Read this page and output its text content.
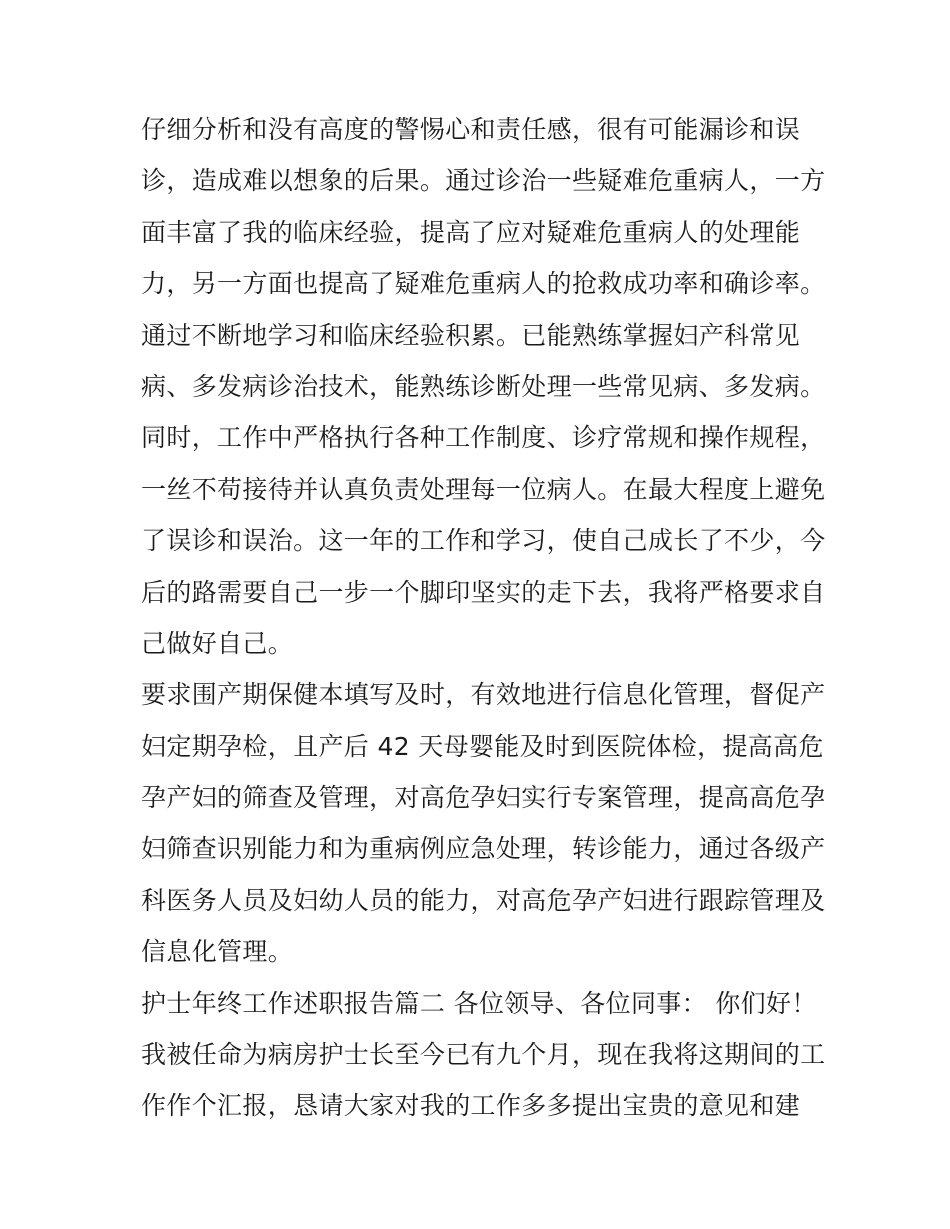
仔细分析和没有高度的警惕心和责任感，很有可能漏诊和误
诊，造成难以想象的后果。通过诊治一些疑难危重病人，一方
面丰富了我的临床经验，提高了应对疑难危重病人的处理能
力，另一方面也提高了疑难危重病人的抢救成功率和确诊率。
通过不断地学习和临床经验积累。已能熟练掌握妇产科常见
病、多发病诊治技术，能熟练诊断处理一些常见病、多发病。
同时，工作中严格执行各种工作制度、诊疗常规和操作规程，
一丝不苟接待并认真负责处理每一位病人。在最大程度上避免
了误诊和误治。这一年的工作和学习，使自己成长了不少，今
后的路需要自己一步一个脚印坚实的走下去，我将严格要求自
己做好自己。
要求围产期保健本填写及时，有效地进行信息化管理，督促产
妇定期孕检，且产后 42 天母婴能及时到医院体检，提高高危
孕产妇的筛查及管理，对高危孕妇实行专案管理，提高高危孕
妇筛查识别能力和为重病例应急处理，转诊能力，通过各级产
科医务人员及妇幼人员的能力，对高危孕产妇进行跟踪管理及
信息化管理。
护士年终工作述职报告篇二 各位领导、各位同事： 你们好！
我被任命为病房护士长至今已有九个月，现在我将这期间的工
作作个汇报，恳请大家对我的工作多多提出宝贵的意见和建
